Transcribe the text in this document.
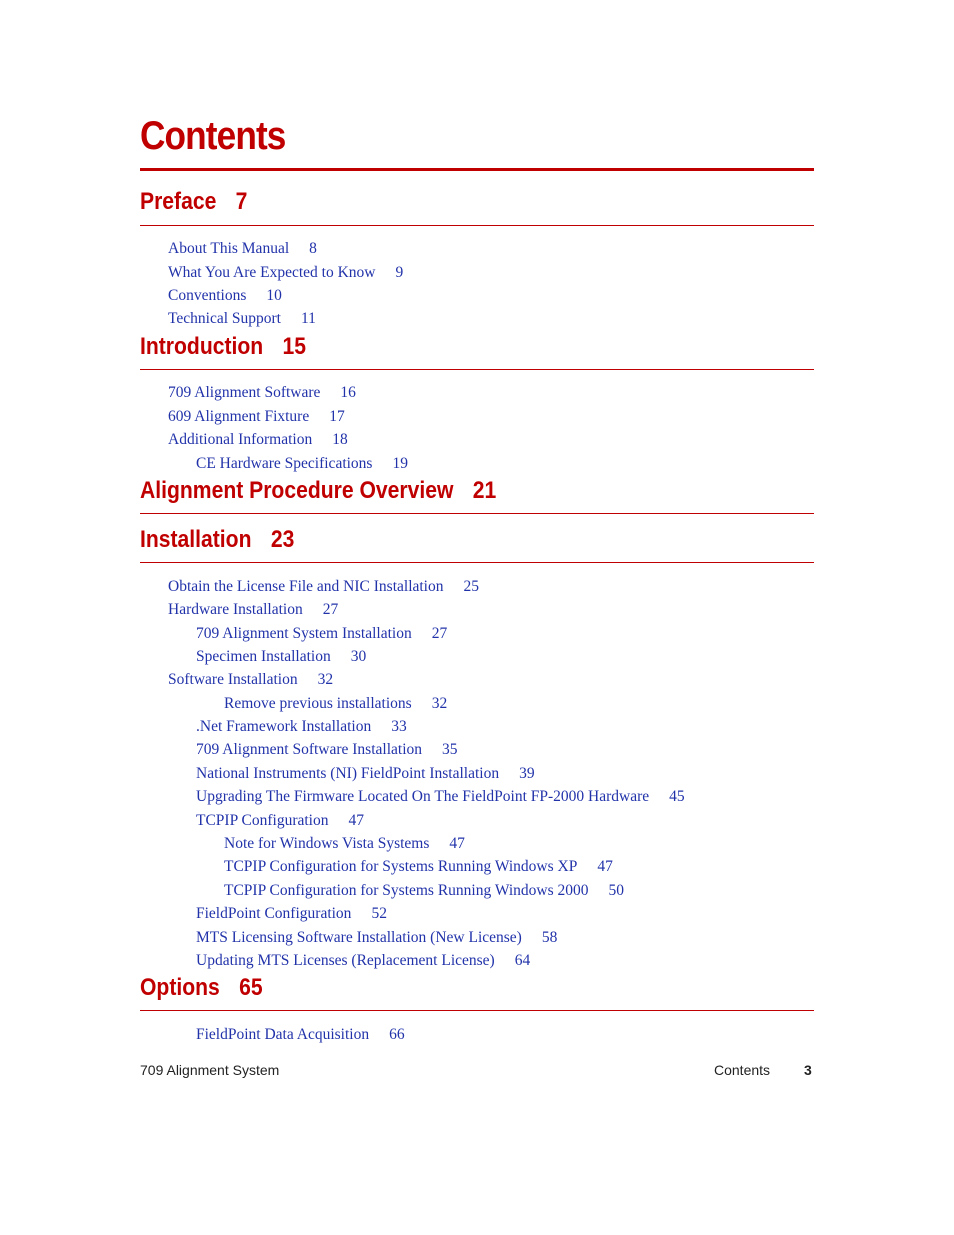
Contents
Preface 7
About This Manual 8
What You Are Expected to Know 9
Conventions 10
Technical Support 11
Introduction 15
709 Alignment Software 16
609 Alignment Fixture 17
Additional Information 18
CE Hardware Specifications 19
Alignment Procedure Overview 21
Installation 23
Obtain the License File and NIC Installation 25
Hardware Installation 27
709 Alignment System Installation 27
Specimen Installation 30
Software Installation 32
Remove previous installations 32
.Net Framework Installation 33
709 Alignment Software Installation 35
National Instruments (NI) FieldPoint Installation 39
Upgrading The Firmware Located On The FieldPoint FP-2000 Hardware 45
TCPIP Configuration 47
Note for Windows Vista Systems 47
TCPIP Configuration for Systems Running Windows XP 47
TCPIP Configuration for Systems Running Windows 2000 50
FieldPoint Configuration 52
MTS Licensing Software Installation (New License) 58
Updating MTS Licenses (Replacement License) 64
Options 65
FieldPoint Data Acquisition 66
709 Alignment System	Contents 3
